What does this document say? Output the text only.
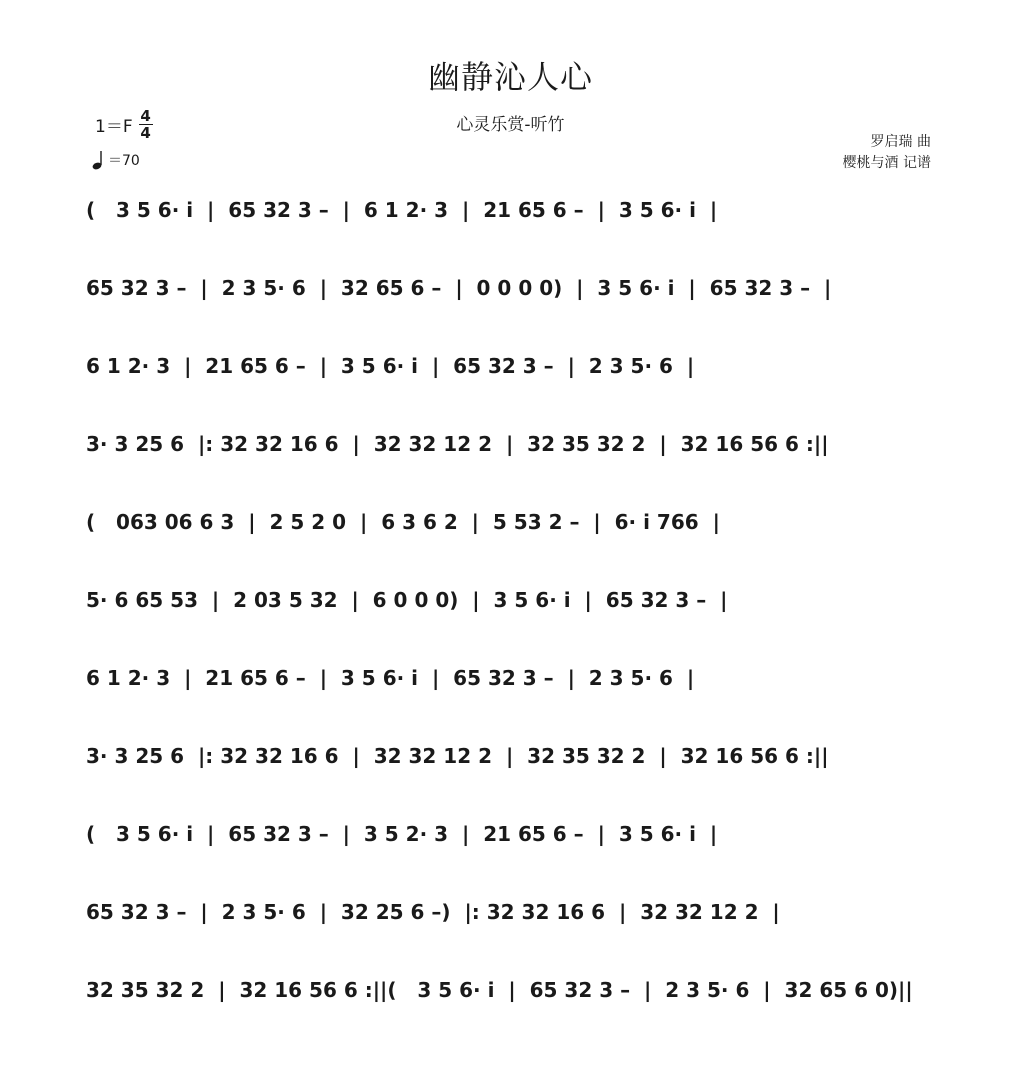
幽静沁人心
心灵乐赏-听竹
$1=F \frac{4}{4}$
＝70
罗启瑞 曲
樱桃与酒 记谱
(   3 5 6· i  |  65 32 3 –  |  6 1 2· 3  |  21 65 6 –  |  3 5 6· i  |
65 32 3 –  |  2 3 5· 6  |  32 65 6 –  |  0 0 0 0)  |  3 5 6· i  |  65 32 3 –  |
6 1 2· 3  |  21 65 6 –  |  3 5 6· i  |  65 32 3 –  |  2 3 5· 6  |
3· 3 25 6  |: 32 32 16 6  |  32 32 12 2  |  32 35 32 2  |  32 16 56 6 :||
(   063 06 6 3  |  2 5 2 0  |  6 3 6 2  |  5 53 2 –  |  6· i 766  |
5· 6 65 53  |  2 03 5 32  |  6 0 0 0)  |  3 5 6· i  |  65 32 3 –  |
6 1 2· 3  |  21 65 6 –  |  3 5 6· i  |  65 32 3 –  |  2 3 5· 6  |
3· 3 25 6  |: 32 32 16 6  |  32 32 12 2  |  32 35 32 2  |  32 16 56 6 :||
(   3 5 6· i  |  65 32 3 –  |  3 5 2· 3  |  21 65 6 –  |  3 5 6· i  |
65 32 3 –  |  2 3 5· 6  |  32 25 6 –)  |: 32 32 16 6  |  32 32 12 2  |
32 35 32 2  |  32 16 56 6 :||(   3 5 6· i  |  65 32 3 –  |  2 3 5· 6  |  32 65 6 0)||
